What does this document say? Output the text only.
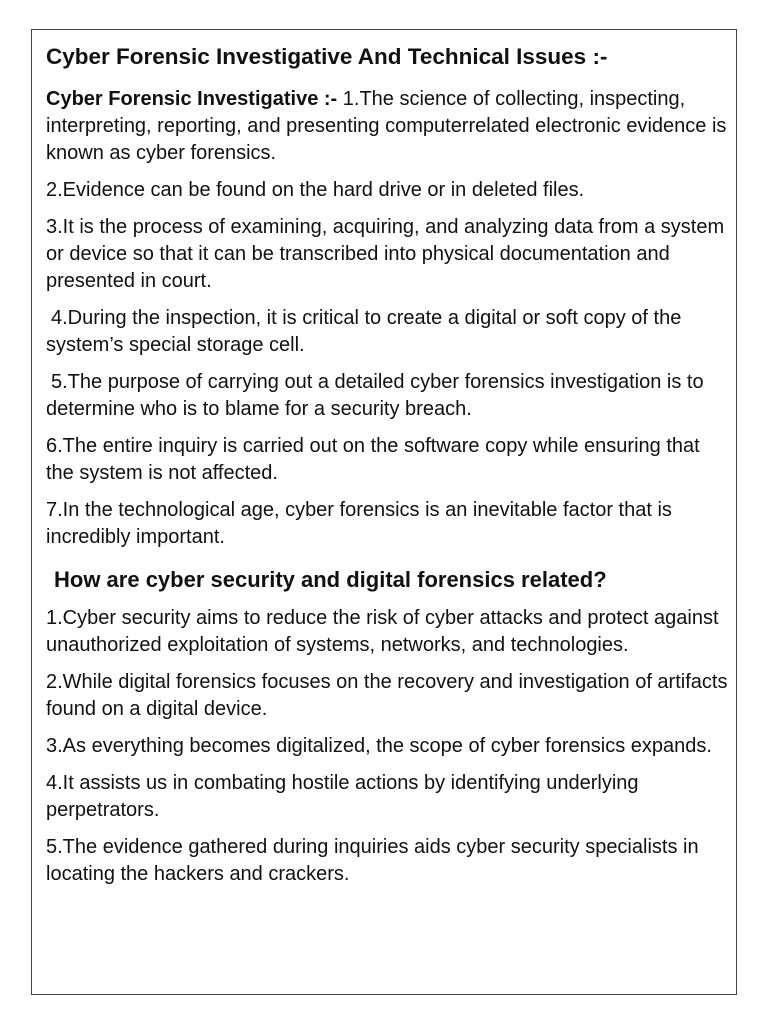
Cyber Forensic Investigative And Technical Issues :-
Cyber Forensic Investigative :- 1.The science of collecting, inspecting, interpreting, reporting, and presenting computerrelated electronic evidence is known as cyber forensics.
2.Evidence can be found on the hard drive or in deleted files.
3.It is the process of examining, acquiring, and analyzing data from a system or device so that it can be transcribed into physical documentation and presented in court.
4.During the inspection, it is critical to create a digital or soft copy of the system’s special storage cell.
5.The purpose of carrying out a detailed cyber forensics investigation is to determine who is to blame for a security breach.
6.The entire inquiry is carried out on the software copy while ensuring that the system is not affected.
7.In the technological age, cyber forensics is an inevitable factor that is incredibly important.
How are cyber security and digital forensics related?
1.Cyber security aims to reduce the risk of cyber attacks and protect against unauthorized exploitation of systems, networks, and technologies.
2.While digital forensics focuses on the recovery and investigation of artifacts found on a digital device.
3.As everything becomes digitalized, the scope of cyber forensics expands.
4.It assists us in combating hostile actions by identifying underlying perpetrators.
5.The evidence gathered during inquiries aids cyber security specialists in locating the hackers and crackers.
